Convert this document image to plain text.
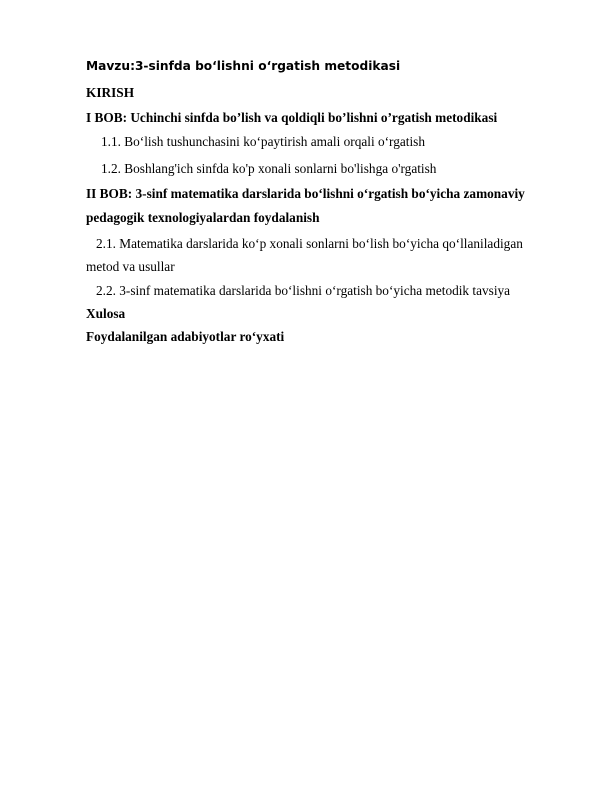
Mavzu:3-sinfda bo‘lishni o‘rgatish metodikasi
KIRISH
I BOB: Uchinchi sinfda bo’lish va qoldiqli bo’lishni o’rgatish metodikasi
1.1. Bo‘lish tushunchasini ko‘paytirish amali orqali o‘rgatish
1.2. Boshlang'ich sinfda ko'p xonali sonlarni bo'lishga o'rgatish
II BOB: 3-sinf matematika darslarida bo‘lishni o‘rgatish bo‘yicha zamonaviy
pedagogik texnologiyalardan foydalanish
2.1. Matematika darslarida ko‘p xonali sonlarni bo‘lish bo‘yicha qo‘llaniladigan
metod va usullar
2.2. 3-sinf matematika darslarida bo‘lishni o‘rgatish bo‘yicha metodik tavsiya
Xulosa
Foydalanilgan adabiyotlar ro‘yxati
